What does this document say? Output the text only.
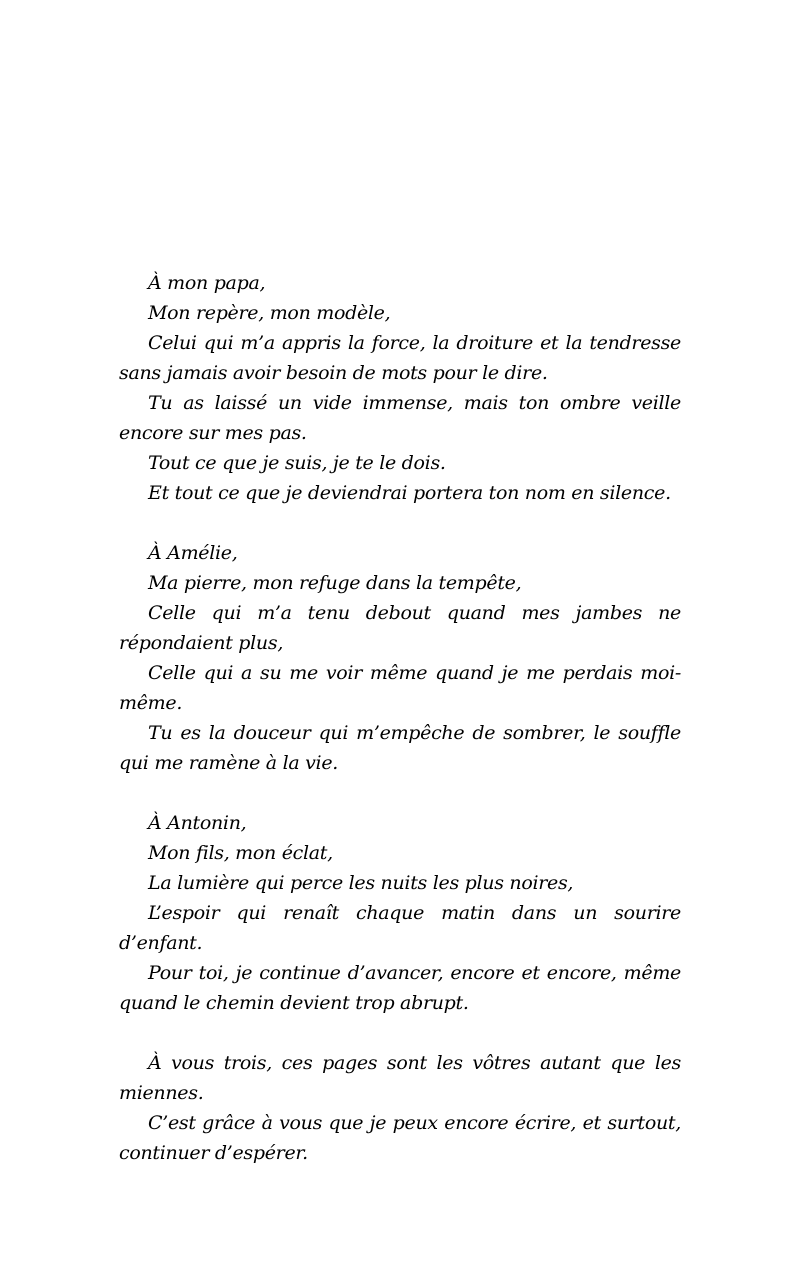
À mon papa,

Mon repère, mon modèle,

Celui qui m’a appris la force, la droiture et la tendresse sans jamais avoir besoin de mots pour le dire.

Tu as laissé un vide immense, mais ton ombre veille encore sur mes pas.

Tout ce que je suis, je te le dois.

Et tout ce que je deviendrai portera ton nom en silence.

À Amélie,

Ma pierre, mon refuge dans la tempête,

Celle qui m’a tenu debout quand mes jambes ne répondaient plus,

Celle qui a su me voir même quand je me perdais moi-même.

Tu es la douceur qui m’empêche de sombrer, le souffle qui me ramène à la vie.

À Antonin,

Mon fils, mon éclat,

La lumière qui perce les nuits les plus noires,

L’espoir qui renaît chaque matin dans un sourire d’enfant.

Pour toi, je continue d’avancer, encore et encore, même quand le chemin devient trop abrupt.

À vous trois, ces pages sont les vôtres autant que les miennes.

C’est grâce à vous que je peux encore écrire, et surtout, continuer d’espérer.
